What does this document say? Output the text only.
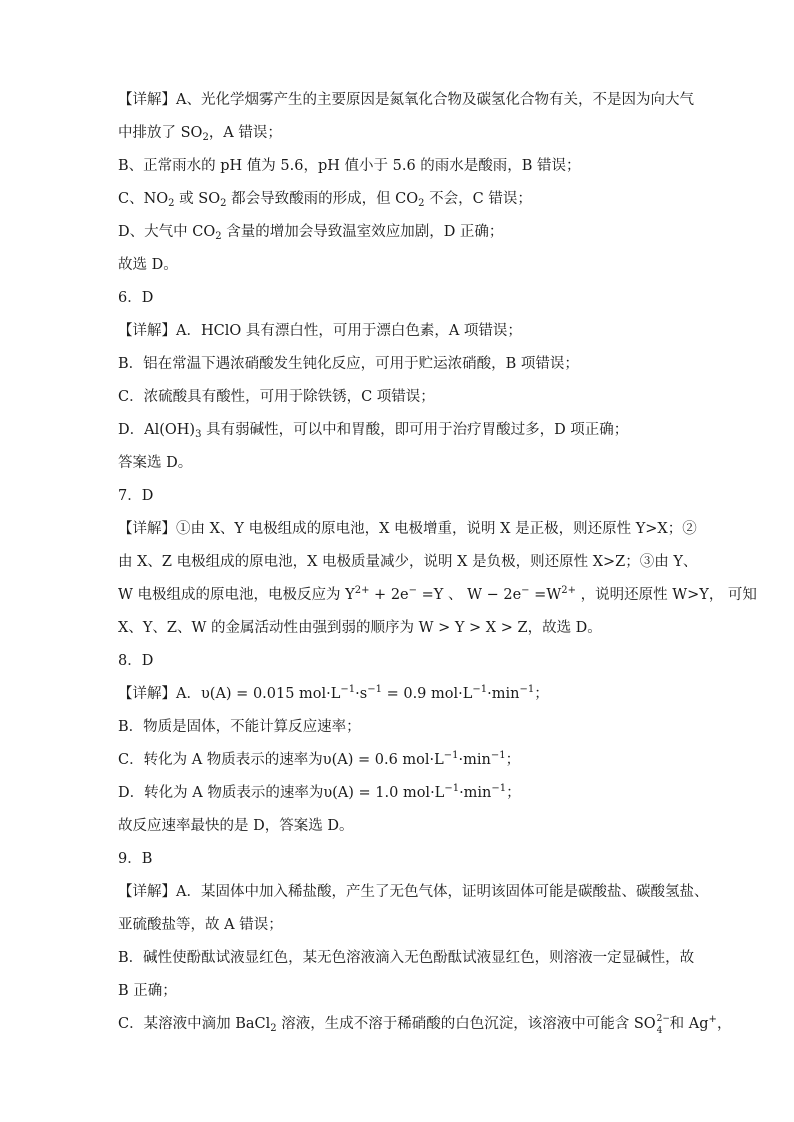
【详解】A、光化学烟雾产生的主要原因是氮氧化合物及碳氢化合物有关，不是因为向大气
中排放了 $SO_2$，A 错误；
B、正常雨水的 pH 值为 5.6，pH 值小于 5.6 的雨水是酸雨，B 错误；
C、$NO_2$ 或 $SO_2$ 都会导致酸雨的形成，但 $CO_2$ 不会，C 错误；
D、大气中 $CO_2$ 含量的增加会导致温室效应加剧，D 正确；
故选 D。
6．D
【详解】A．HClO 具有漂白性，可用于漂白色素，A 项错误；
B．铝在常温下遇浓硝酸发生钝化反应，可用于贮运浓硝酸，B 项错误；
C．浓硫酸具有酸性，可用于除铁锈，C 项错误；
D．$Al(OH)_3$ 具有弱碱性，可以中和胃酸，即可用于治疗胃酸过多，D 项正确；
答案选 D。
7．D
【详解】①由 X、Y 电极组成的原电池，X 电极增重，说明 X 是正极，则还原性 Y>X；②
由 X、Z 电极组成的原电池，X 电极质量减少，说明 X 是负极，则还原性 X>Z；③由 Y、
W 电极组成的原电池，电极反应为 $Y^{2+} + 2e^- =Y$ 、 $W - 2e^- =W^{2+}$ ，说明还原性 W>Y， 可知
X、Y、Z、W 的金属活动性由强到弱的顺序为 W > Y > X > Z，故选 D。
8．D
【详解】A．υ(A) = 0.015 $mol\cdot L^{-1}\cdot s^{-1} = 0.9$ $mol\cdot L^{-1}\cdot\min^{-1}$；
B．物质是固体，不能计算反应速率；
C．转化为 A 物质表示的速率为υ(A) = 0.6 $mol\cdot L^{-1}\cdot\min^{-1}$；
D．转化为 A 物质表示的速率为υ(A) = 1.0 $mol\cdot L^{-1}\cdot\min^{-1}$；
故反应速率最快的是 D，答案选 D。
9．B
【详解】A．某固体中加入稀盐酸，产生了无色气体，证明该固体可能是碳酸盐、碳酸氢盐、
亚硫酸盐等，故 A 错误；
B．碱性使酚酞试液显红色，某无色溶液滴入无色酚酞试液显红色，则溶液一定显碱性，故
B 正确；
C．某溶液中滴加 BaCl$_2$ 溶液，生成不溶于稀硝酸的白色沉淀，该溶液中可能含 SO 2−
4 和 Ag+，
